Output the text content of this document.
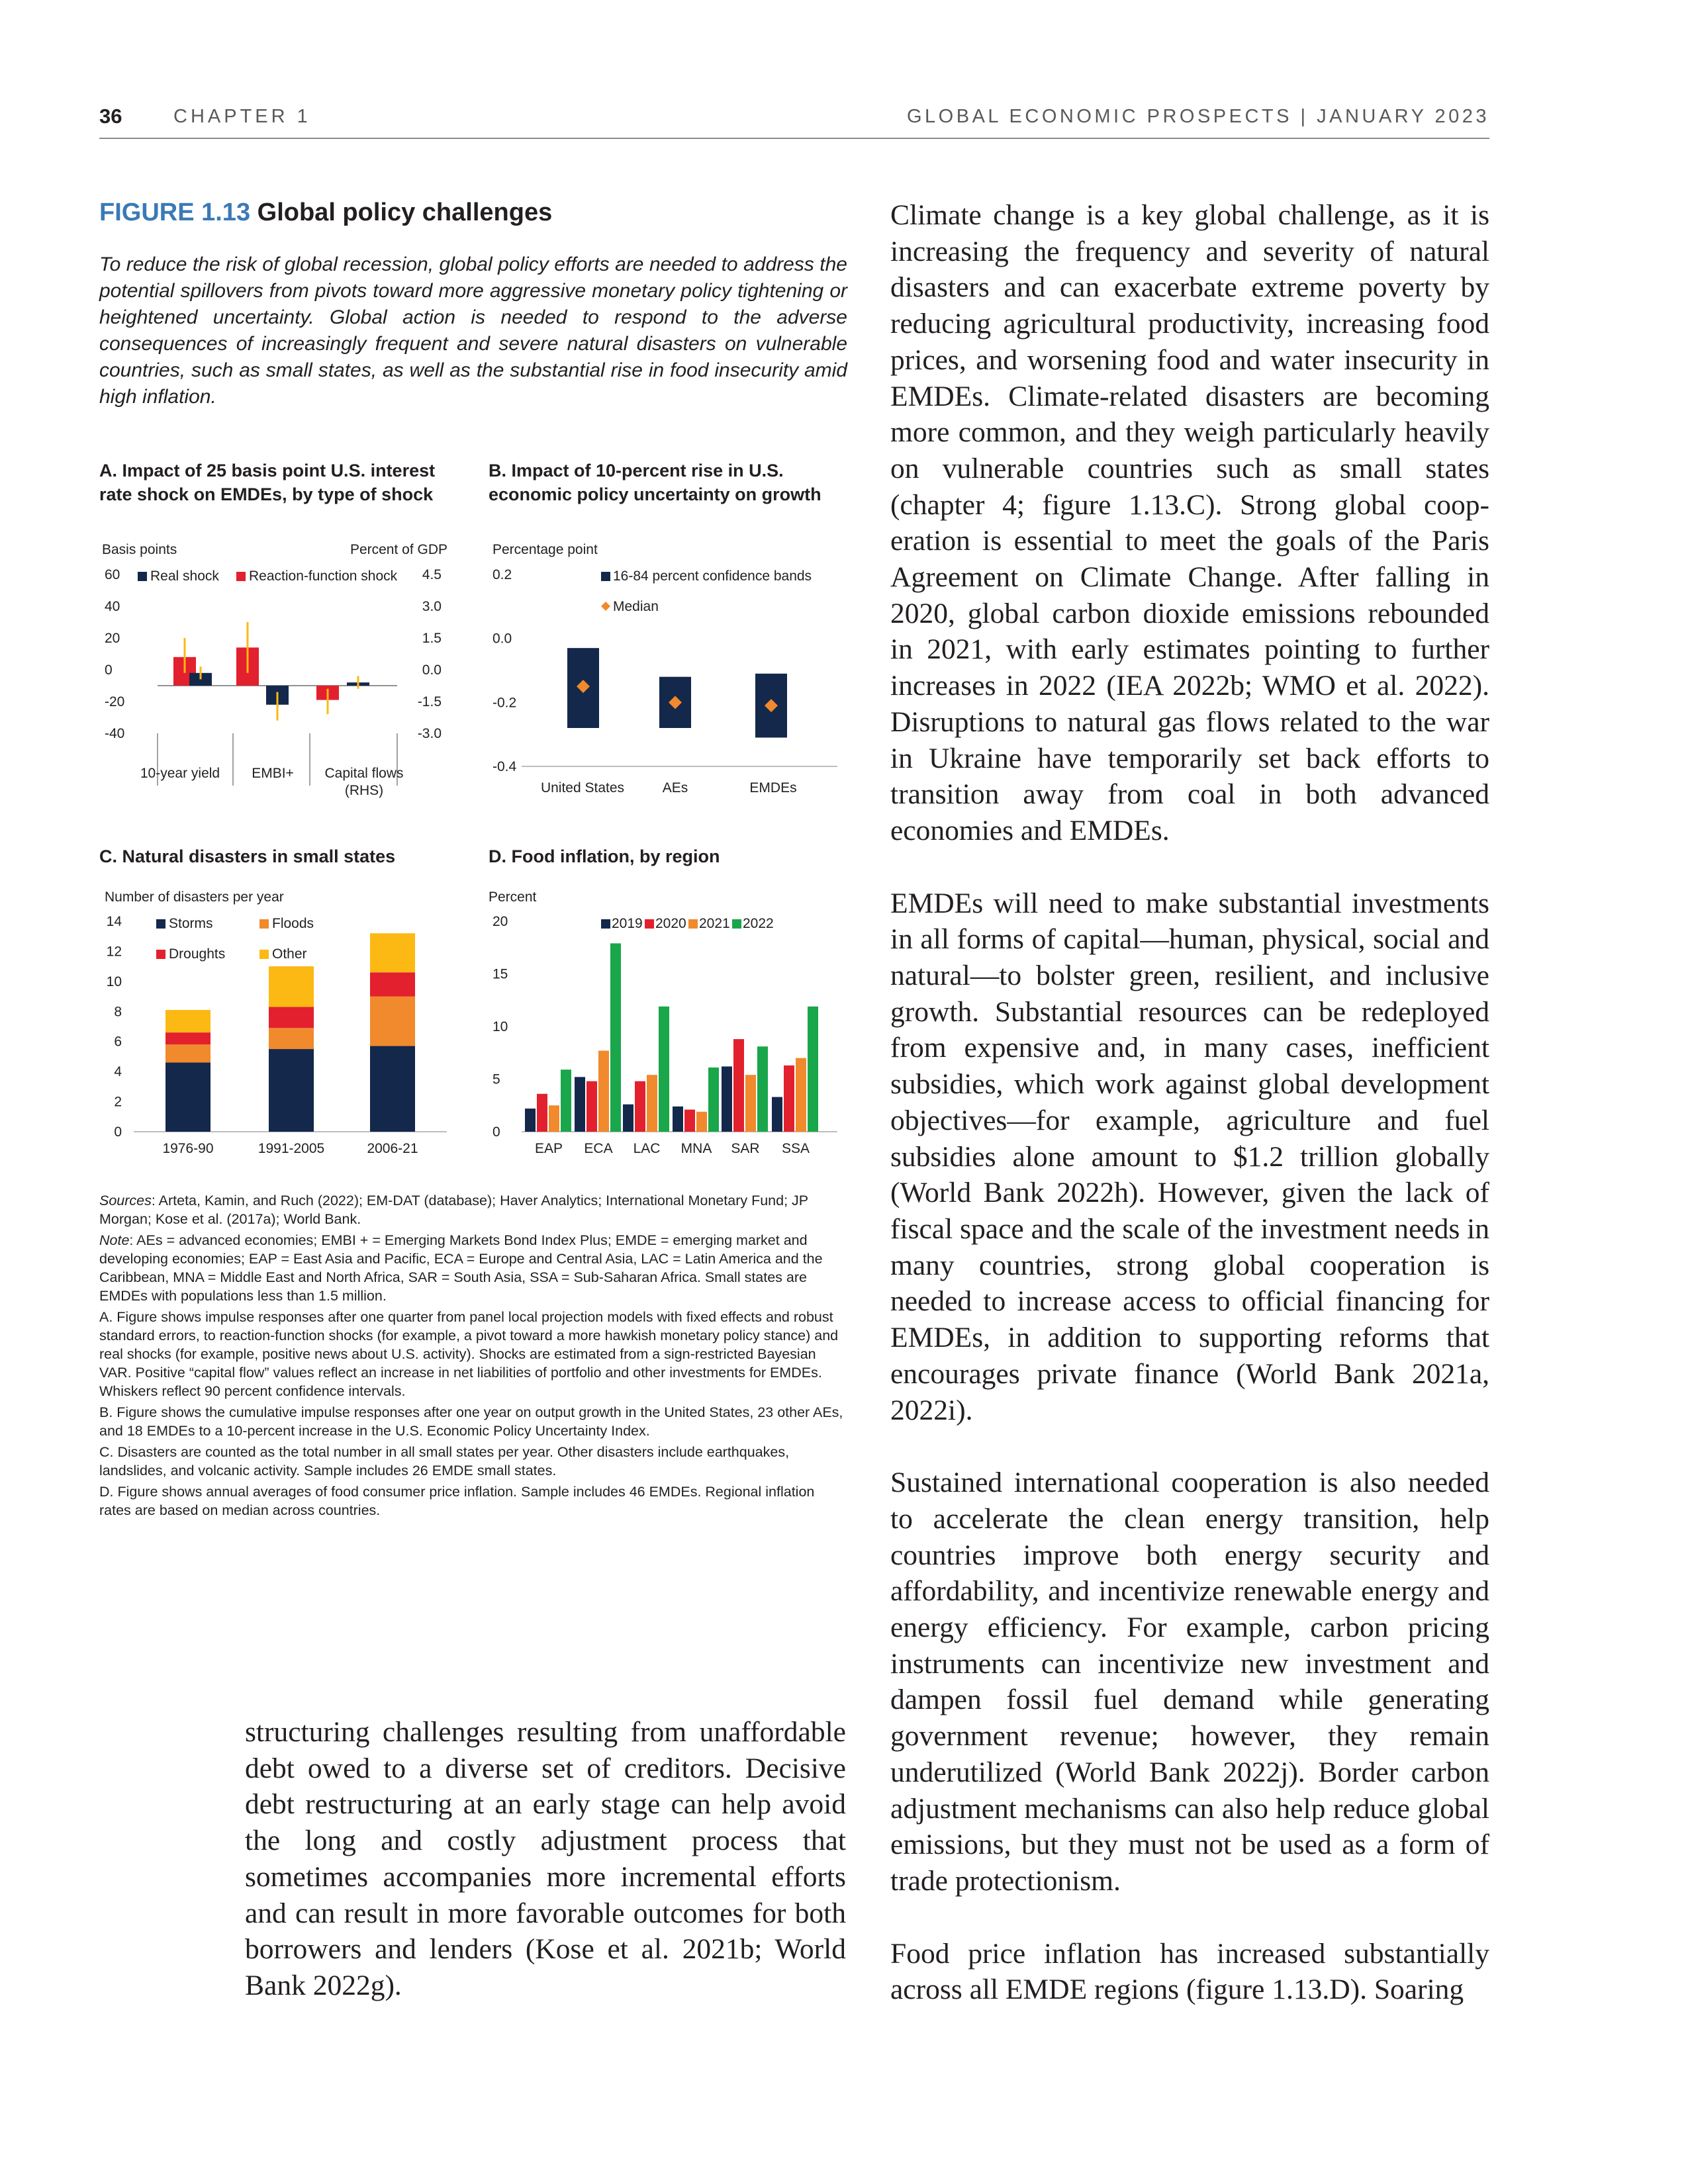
36	CHAPTER 1	GLOBAL ECONOMIC PROSPECTS | JANUARY 2023
FIGURE 1.13 Global policy challenges
To reduce the risk of global recession, global policy efforts are needed to address the potential spillovers from pivots toward more aggressive monetary policy tightening or heightened uncertainty. Global action is needed to respond to the adverse consequences of increasingly frequent and severe natural disasters on vulnerable countries, such as small states, as well as the substantial rise in food insecurity amid high inflation.
A. Impact of 25 basis point U.S. interest rate shock on EMDEs, by type of shock
B. Impact of 10-percent rise in U.S. economic policy uncertainty on growth
C. Natural disasters in small states	D. Food inflation, by region
Basis points	Percent of GDP
60
40
20
0
-20
-40
4.5
3.0
1.5
0.0
-1.5
-3.0
Real shock Reaction-function shock
10-year yield EMBI+ Capital flows
(RHS)
Percentage point
0.2
0.0
-0.2
-0.4
United States	AEs	EMDEs
16-84 percent confidence bands
Median
Number of disasters per year
14
12
10
8
6
4
2
0
1976-90	1991-2005	2006-21
Storms
Droughts
Floods
Other
Percent
20
15
10
5
0
EAP ECA LAC MNA SAR SSA
2019 2020 2021 2022

Sources: Arteta, Kamin, and Ruch (2022); EM-DAT (database); Haver Analytics; International Monetary Fund; JP Morgan; Kose et al. (2017a); World Bank.

Note: AEs = advanced economies; EMBI + = Emerging Markets Bond Index Plus; EMDE = emerging market and developing economies; EAP = East Asia and Pacific, ECA = Europe and Central Asia, LAC = Latin America and the Caribbean, MNA = Middle East and North Africa, SAR = South Asia, SSA = Sub-Saharan Africa. Small states are EMDEs with populations less than 1.5 million.

A. Figure shows impulse responses after one quarter from panel local projection models with fixed effects and robust standard errors, to reaction-function shocks (for example, a pivot toward a more hawkish monetary policy stance) and real shocks (for example, positive news about U.S. activity). Shocks are estimated from a sign-restricted Bayesian VAR. Positive “capital flow” values reflect an increase in net liabilities of portfolio and other investments for EMDEs. Whiskers reflect 90 percent confidence intervals.

B. Figure shows the cumulative impulse responses after one year on output growth in the United States, 23 other AEs, and 18 EMDEs to a 10-percent increase in the U.S. Economic Policy Uncertainty Index.

C. Disasters are counted as the total number in all small states per year. Other disasters include earthquakes, landslides, and volcanic activity. Sample includes 26 EMDE small states.

D. Figure shows annual averages of food consumer price inflation. Sample includes 46 EMDEs. Regional inflation rates are based on median across countries.

structuring challenges resulting from unaffordable debt owed to a diverse set of creditors. Decisive debt restructuring at an early stage can help avoid the long and costly adjustment process that sometimes accompanies more incremental efforts and can result in more favorable outcomes for both borrowers and lenders (Kose et al. 2021b; World Bank 2022g).

Climate change is a key global challenge, as it is increasing the frequency and severity of natural disasters and can exacerbate extreme poverty by reducing agricultural productivity, increasing food prices, and worsening food and water insecurity in EMDEs. Climate-related disasters are becoming more common, and they weigh particularly heavily on vulnerable countries such as small states (chapter 4; figure 1.13.C). Strong global cooperation is essential to meet the goals of the Paris Agreement on Climate Change. After falling in 2020, global carbon dioxide emissions rebounded in 2021, with early estimates pointing to further increases in 2022 (IEA 2022b; WMO et al. 2022). Disruptions to natural gas flows related to the war in Ukraine have temporarily set back efforts to transition away from coal in both advanced economies and EMDEs.

EMDEs will need to make substantial investments in all forms of capital—human, physical, social and natural—to bolster green, resilient, and inclusive growth. Substantial resources can be redeployed from expensive and, in many cases, inefficient subsidies, which work against global development objectives—for example, agriculture and fuel subsidies alone amount to $1.2 trillion globally (World Bank 2022h). However, given the lack of fiscal space and the scale of the investment needs in many countries, strong global cooperation is needed to increase access to official financing for EMDEs, in addition to supporting reforms that encourages private finance (World Bank 2021a, 2022i).

Sustained international cooperation is also needed to accelerate the clean energy transition, help countries improve both energy security and affordability, and incentivize renewable energy and energy efficiency. For example, carbon pricing instruments can incentivize new investment and dampen fossil fuel demand while generating government revenue; however, they remain underutilized (World Bank 2022j). Border carbon adjustment mechanisms can also help reduce global emissions, but they must not be used as a form of trade protectionism.

Food price inflation has increased substantially across all EMDE regions (figure 1.13.D). Soaring
